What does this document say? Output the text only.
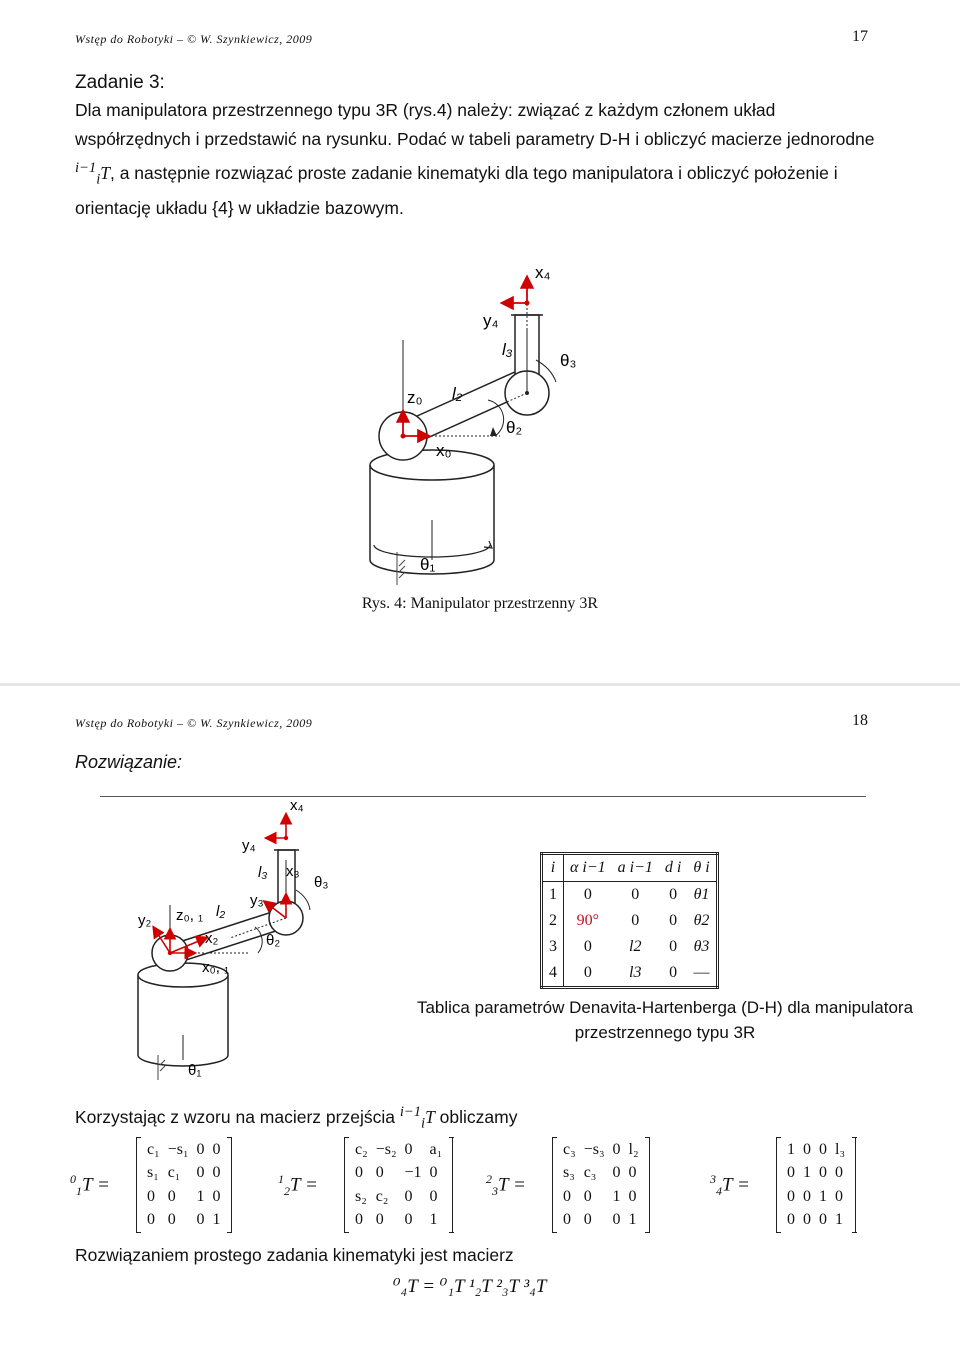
Wstęp do Robotyki – © W. Szynkiewicz, 2009	17
Zadanie 3:
Dla manipulatora przestrzennego typu 3R (rys.4) należy: związać z każdym członem układ współrzędnych i przedstawić na rysunku. Podać w tabeli parametry D-H i obliczyć macierze jednorodne $^{i-1}_i$T, a następnie rozwiązać proste zadanie kinematyki dla tego manipulatora i obliczyć położenie i orientację układu {4} w układzie bazowym.
x₄
y₄
l₃
θ₃
z₀ l₂
θ₂
x₀
θ₁
Rys. 4: Manipulator przestrzenny 3R
Wstęp do Robotyki – © W. Szynkiewicz, 2009	18
Rozwiązanie:
x₄
y₄
l₃ x₃
y₃
θ₃
y₂ z₀, ₁ l₂
x₂
x₀, ₁
θ₂
θ₁
i	α i−1	a i−1	d i	θ i
1	0	0	0	θ1
2	90°	0	0	θ2
3	0	l2	0	θ3
4	0	l3	0	—
Tablica parametrów Denavita-Hartenberga (D-H) dla manipulatora przestrzennego typu 3R
Korzystając z wzoru na macierz przejścia $^{i-1}_i$T obliczamy
$^0_1$T =
c₁	−s₁	0	0
s₁	c₁	0	0
0	0	1	0
0	0	0	1
$^1_2$T =
c₂	−s₂	0	a₁
0	0	−1	0
s₂	c₂	0	0
0	0	0	1
$^2_3$T =
c₃	−s₃	0	l₂
s₃	c₃	0	0
0	0	1	0
0	0	0	1
$^3_4$T =
1	0	0	l₃
0	1	0	0
0	0	1	0
0	0	0	1
Rozwiązaniem prostego zadania kinematyki jest macierz
⁰₄T = ⁰₁T ¹₂T ²₃T ³₄T
